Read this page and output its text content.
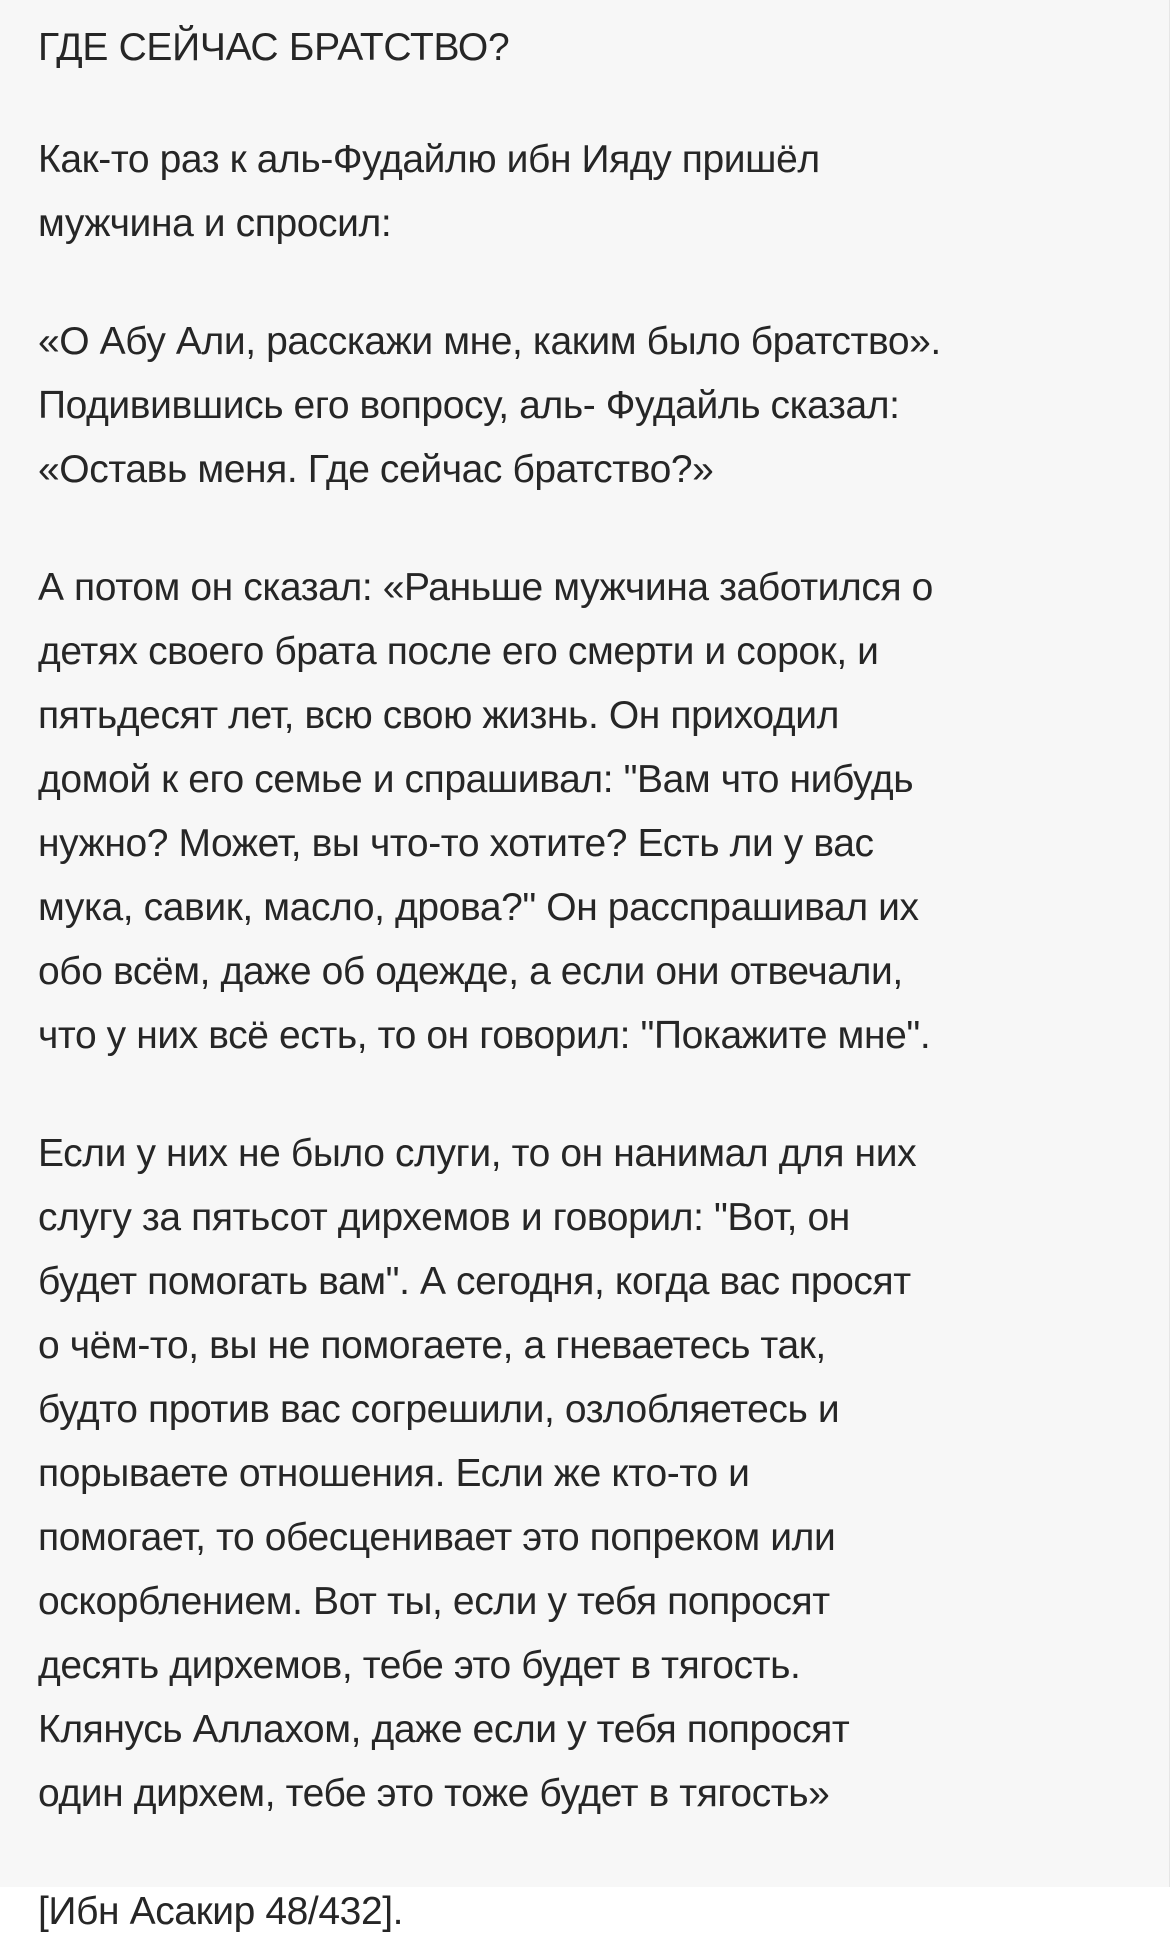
ГДЕ СЕЙЧАС БРАТСТВО?
Как-то раз к аль-Фудайлю ибн Ияду пришёл
мужчина и спросил:
«О Абу Али, расскажи мне, каким было братство».
Подивившись его вопросу, аль- Фудайль сказал:
«Оставь меня. Где сейчас братство?»
А потом он сказал: «Раньше мужчина заботился о
детях своего брата после его смерти и сорок, и
пятьдесят лет, всю свою жизнь. Он приходил
домой к его семье и спрашивал: "Вам что нибудь
нужно? Может, вы что-то хотите? Есть ли у вас
мука, савик, масло, дрова?" Он расспрашивал их
обо всём, даже об одежде, а если они отвечали,
что у них всё есть, то он говорил: "Покажите мне".
Если у них не было слуги, то он нанимал для них
слугу за пятьсот дирхемов и говорил: "Вот, он
будет помогать вам". А сегодня, когда вас просят
о чём-то, вы не помогаете, а гневаетесь так,
будто против вас согрешили, озлобляетесь и
порываете отношения. Если же кто-то и
помогает, то обесценивает это попреком или
оскорблением. Вот ты, если у тебя попросят
десять дирхемов, тебе это будет в тягость.
Клянусь Аллахом, даже если у тебя попросят
один дирхем, тебе это тоже будет в тягость»
[Ибн Асакир 48/432].
